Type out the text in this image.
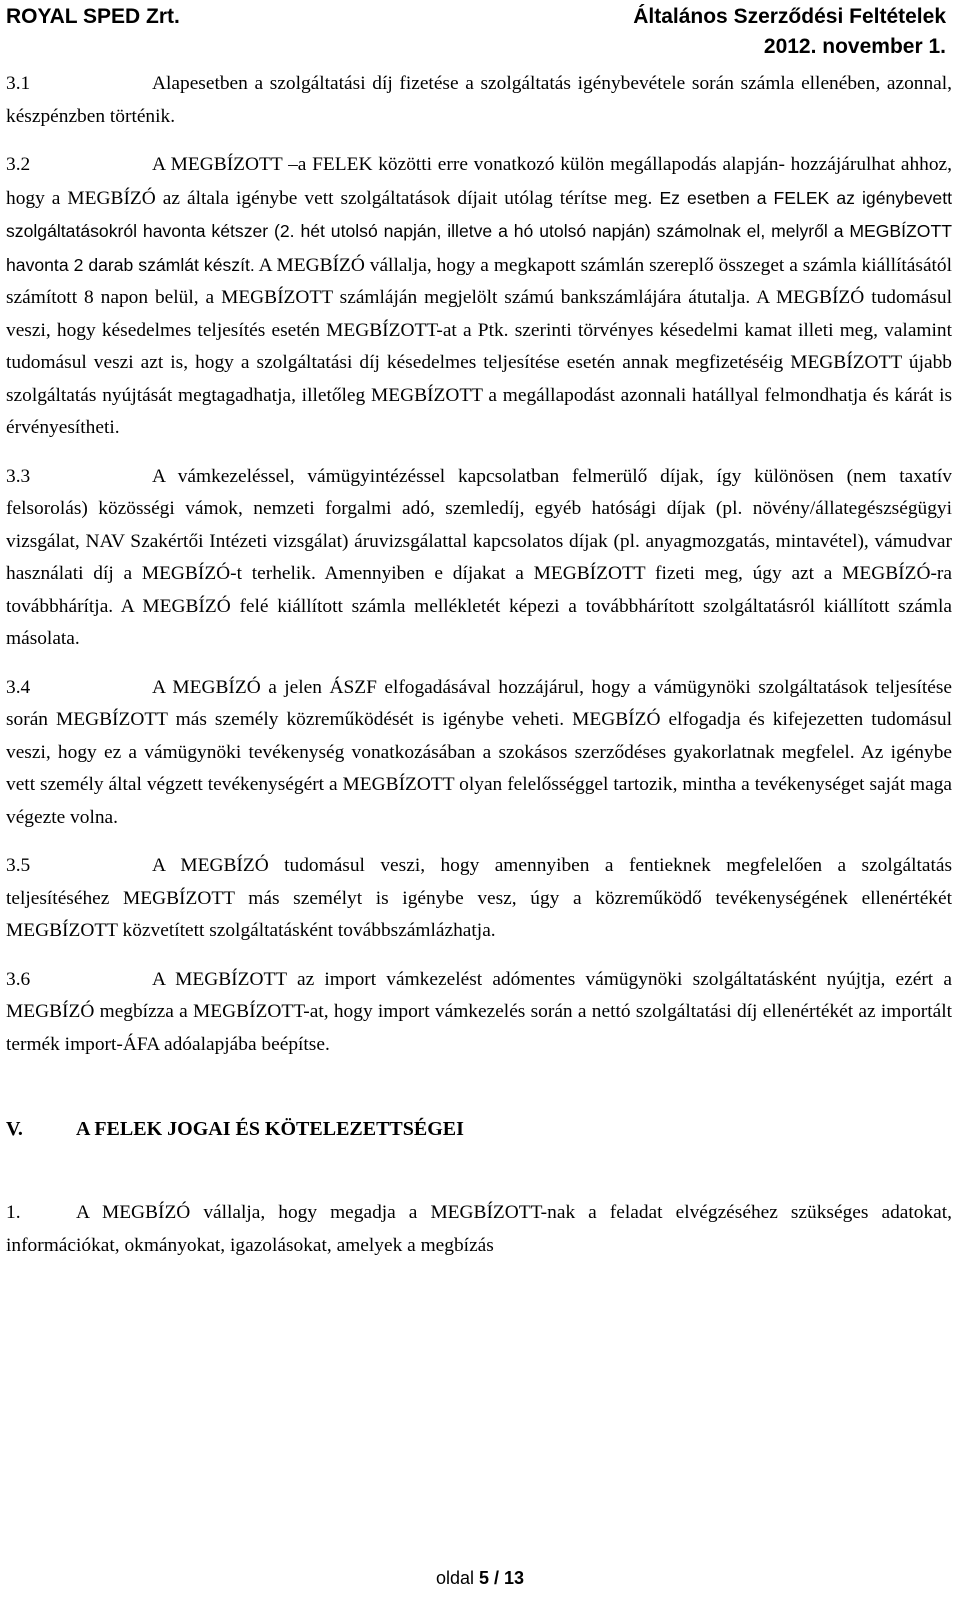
ROYAL SPED Zrt.	Általános Szerződési Feltételek
2012. november 1.

3.1	Alapesetben a szolgáltatási díj fizetése a szolgáltatás igénybevétele során számla ellenében, azonnal, készpénzben történik.

3.2	A MEGBÍZOTT –a FELEK közötti erre vonatkozó külön megállapodás alapján- hozzájárulhat ahhoz, hogy a MEGBÍZÓ az általa igénybe vett szolgáltatások díjait utólag térítse meg. Ez esetben a FELEK az igénybevett szolgáltatásokról havonta kétszer (2. hét utolsó napján, illetve a hó utolsó napján) számolnak el, melyről a MEGBÍZOTT havonta 2 darab számlát készít. A MEGBÍZÓ vállalja, hogy a megkapott számlán szereplő összeget a számla kiállításától számított 8 napon belül, a MEGBÍZOTT számláján megjelölt számú bankszámlájára átutalja. A MEGBÍZÓ tudomásul veszi, hogy késedelmes teljesítés esetén MEGBÍZOTT-at a Ptk. szerinti törvényes késedelmi kamat illeti meg, valamint tudomásul veszi azt is, hogy a szolgáltatási díj késedelmes teljesítése esetén annak megfizetéséig MEGBÍZOTT újabb szolgáltatás nyújtását megtagadhatja, illetőleg MEGBÍZOTT a megállapodást azonnali hatállyal felmondhatja és kárát is érvényesítheti.

3.3	A vámkezeléssel, vámügyintézéssel kapcsolatban felmerülő díjak, így különösen (nem taxatív felsorolás) közösségi vámok, nemzeti forgalmi adó, szemledíj, egyéb hatósági díjak (pl. növény/állategészségügyi vizsgálat, NAV Szakértői Intézeti vizsgálat) áruvizsgálattal kapcsolatos díjak (pl. anyagmozgatás, mintavétel), vámudvar használati díj a MEGBÍZÓ-t terhelik. Amennyiben e díjakat a MEGBÍZOTT fizeti meg, úgy azt a MEGBÍZÓ-ra továbbhárítja. A MEGBÍZÓ felé kiállított számla mellékletét képezi a továbbhárított szolgáltatásról kiállított számla másolata.

3.4	A MEGBÍZÓ a jelen ÁSZF elfogadásával hozzájárul, hogy a vámügynöki szolgáltatások teljesítése során MEGBÍZOTT más személy közreműködését is igénybe veheti. MEGBÍZÓ elfogadja és kifejezetten tudomásul veszi, hogy ez a vámügynöki tevékenység vonatkozásában a szokásos szerződéses gyakorlatnak megfelel. Az igénybe vett személy által végzett tevékenységért a MEGBÍZOTT olyan felelősséggel tartozik, mintha a tevékenységet saját maga végezte volna.

3.5	A MEGBÍZÓ tudomásul veszi, hogy amennyiben a fentieknek megfelelően a szolgáltatás teljesítéséhez MEGBÍZOTT más személyt is igénybe vesz, úgy a közreműködő tevékenységének ellenértékét MEGBÍZOTT közvetített szolgáltatásként továbbszámlázhatja.

3.6	A MEGBÍZOTT az import vámkezelést adómentes vámügynöki szolgáltatásként nyújtja, ezért a MEGBÍZÓ megbízza a MEGBÍZOTT-at, hogy import vámkezelés során a nettó szolgáltatási díj ellenértékét az importált termék import-ÁFA adóalapjába beépítse.

V.	A FELEK JOGAI ÉS KÖTELEZETTSÉGEI

1.	A MEGBÍZÓ vállalja, hogy megadja a MEGBÍZOTT-nak a feladat elvégzéséhez szükséges adatokat, információkat, okmányokat, igazolásokat, amelyek a megbízás

oldal 5 / 13
